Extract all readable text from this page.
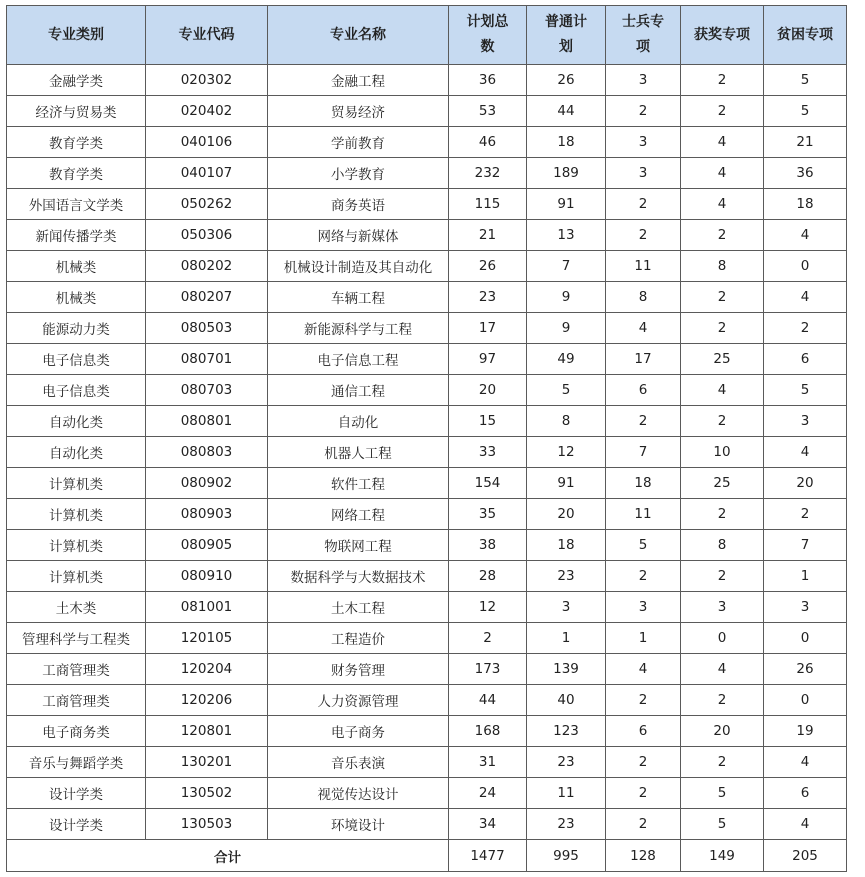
专业类别	专业代码	专业名称	计划总数	普通计划	士兵专项	获奖专项	贫困专项
金融学类	020302	金融工程	36	26	3	2	5
经济与贸易类	020402	贸易经济	53	44	2	2	5
教育学类	040106	学前教育	46	18	3	4	21
教育学类	040107	小学教育	232	189	3	4	36
外国语言文学类	050262	商务英语	115	91	2	4	18
新闻传播学类	050306	网络与新媒体	21	13	2	2	4
机械类	080202	机械设计制造及其自动化	26	7	11	8	0
机械类	080207	车辆工程	23	9	8	2	4
能源动力类	080503	新能源科学与工程	17	9	4	2	2
电子信息类	080701	电子信息工程	97	49	17	25	6
电子信息类	080703	通信工程	20	5	6	4	5
自动化类	080801	自动化	15	8	2	2	3
自动化类	080803	机器人工程	33	12	7	10	4
计算机类	080902	软件工程	154	91	18	25	20
计算机类	080903	网络工程	35	20	11	2	2
计算机类	080905	物联网工程	38	18	5	8	7
计算机类	080910	数据科学与大数据技术	28	23	2	2	1
土木类	081001	土木工程	12	3	3	3	3
管理科学与工程类	120105	工程造价	2	1	1	0	0
工商管理类	120204	财务管理	173	139	4	4	26
工商管理类	120206	人力资源管理	44	40	2	2	0
电子商务类	120801	电子商务	168	123	6	20	19
音乐与舞蹈学类	130201	音乐表演	31	23	2	2	4
设计学类	130502	视觉传达设计	24	11	2	5	6
设计学类	130503	环境设计	34	23	2	5	4
合计			1477	995	128	149	205
